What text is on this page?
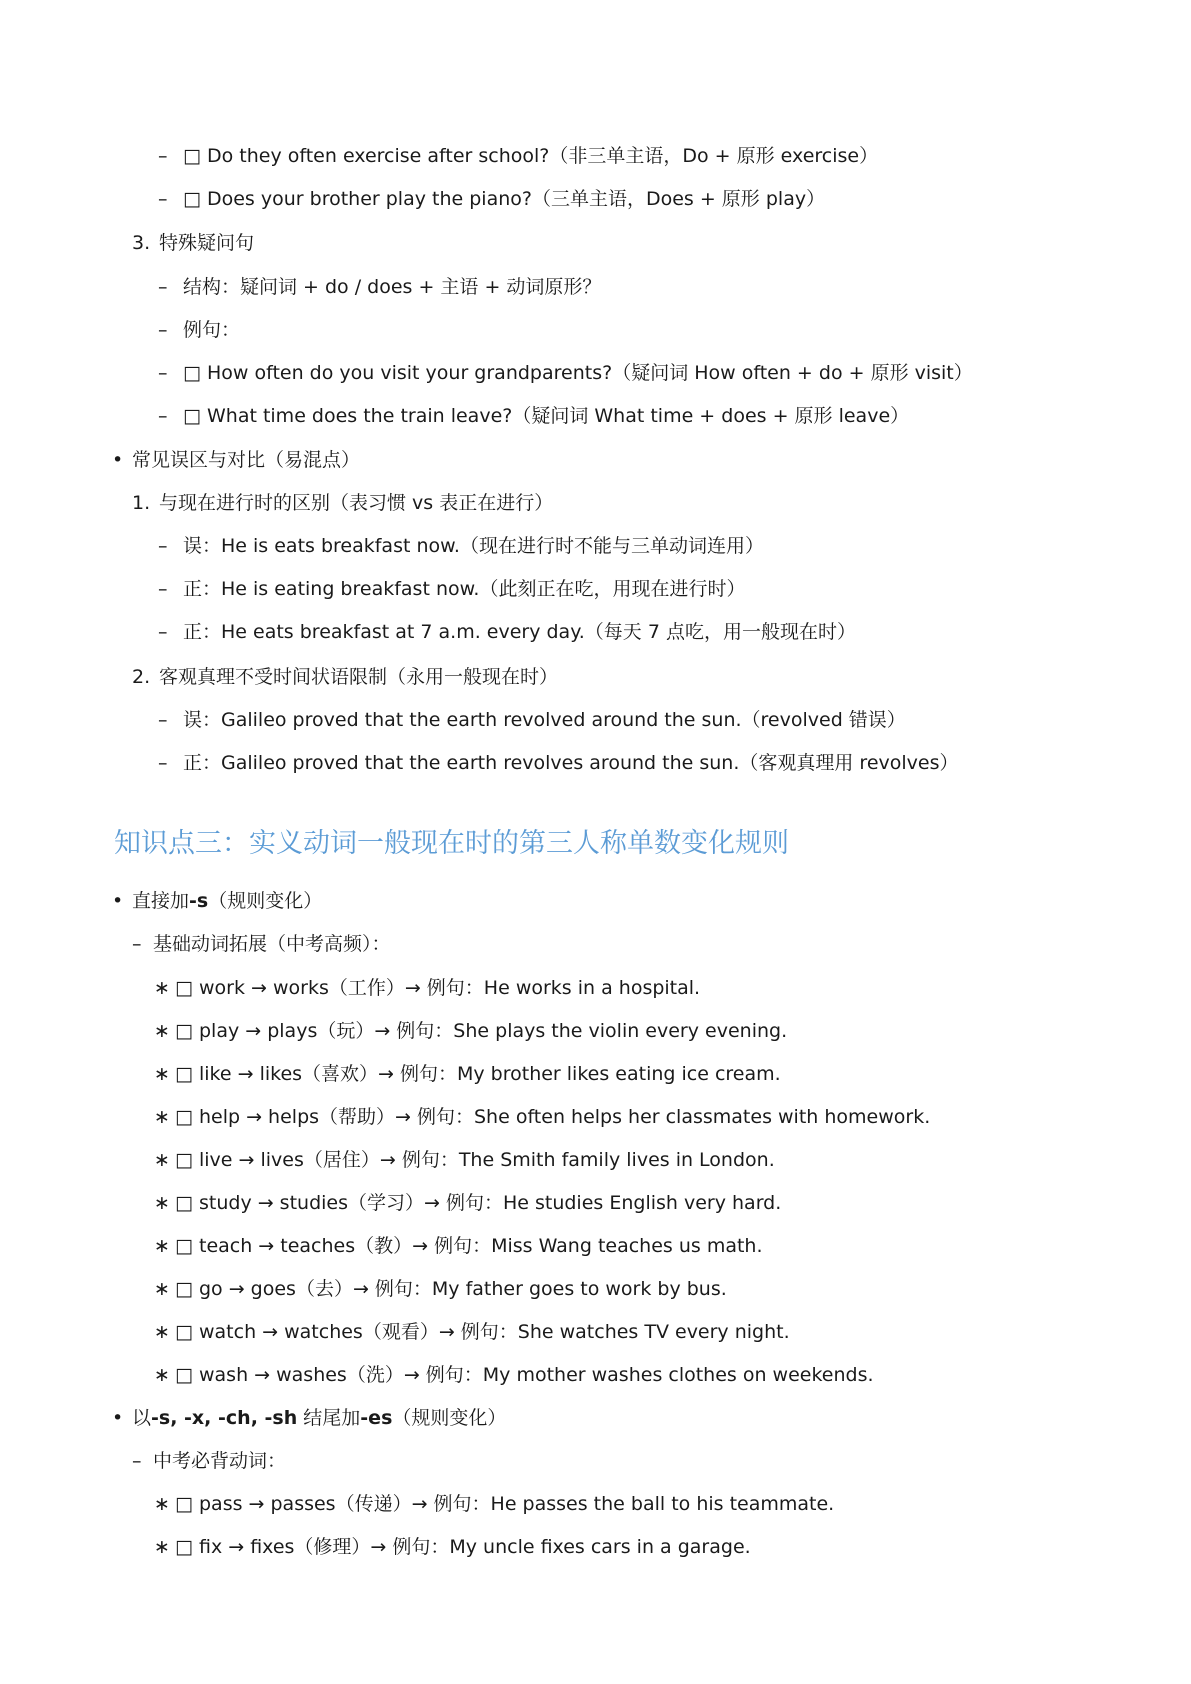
– □ Do they often exercise after school?（非三单主语，Do + 原形 exercise）
– □ Does your brother play the piano?（三单主语，Does + 原形 play）
3. 特殊疑问句
– 结构：疑问词 + do / does + 主语 + 动词原形？
– 例句：
– □ How often do you visit your grandparents?（疑问词 How often + do + 原形 visit）
– □ What time does the train leave?（疑问词 What time + does + 原形 leave）
• 常见误区与对比（易混点）
1. 与现在进行时的区别（表习惯 vs 表正在进行）
– 误：He is eats breakfast now.（现在进行时不能与三单动词连用）
– 正：He is eating breakfast now.（此刻正在吃，用现在进行时）
– 正：He eats breakfast at 7 a.m. every day.（每天 7 点吃，用一般现在时）
2. 客观真理不受时间状语限制（永用一般现在时）
– 误：Galileo proved that the earth revolved around the sun.（revolved 错误）
– 正：Galileo proved that the earth revolves around the sun.（客观真理用 revolves）
知识点三：实义动词一般现在时的第三人称单数变化规则
• 直接加-s（规则变化）
– 基础动词拓展（中考高频）：
∗ □ work → works（工作）→ 例句：He works in a hospital.
∗ □ play → plays（玩）→ 例句：She plays the violin every evening.
∗ □ like → likes（喜欢）→ 例句：My brother likes eating ice cream.
∗ □ help → helps（帮助）→ 例句：She often helps her classmates with homework.
∗ □ live → lives（居住）→ 例句：The Smith family lives in London.
∗ □ study → studies（学习）→ 例句：He studies English very hard.
∗ □ teach → teaches（教）→ 例句：Miss Wang teaches us math.
∗ □ go → goes（去）→ 例句：My father goes to work by bus.
∗ □ watch → watches（观看）→ 例句：She watches TV every night.
∗ □ wash → washes（洗）→ 例句：My mother washes clothes on weekends.
• 以-s, -x, -ch, -sh 结尾加-es（规则变化）
– 中考必背动词：
∗ □ pass → passes（传递）→ 例句：He passes the ball to his teammate.
∗ □ fix → fixes（修理）→ 例句：My uncle fixes cars in a garage.
